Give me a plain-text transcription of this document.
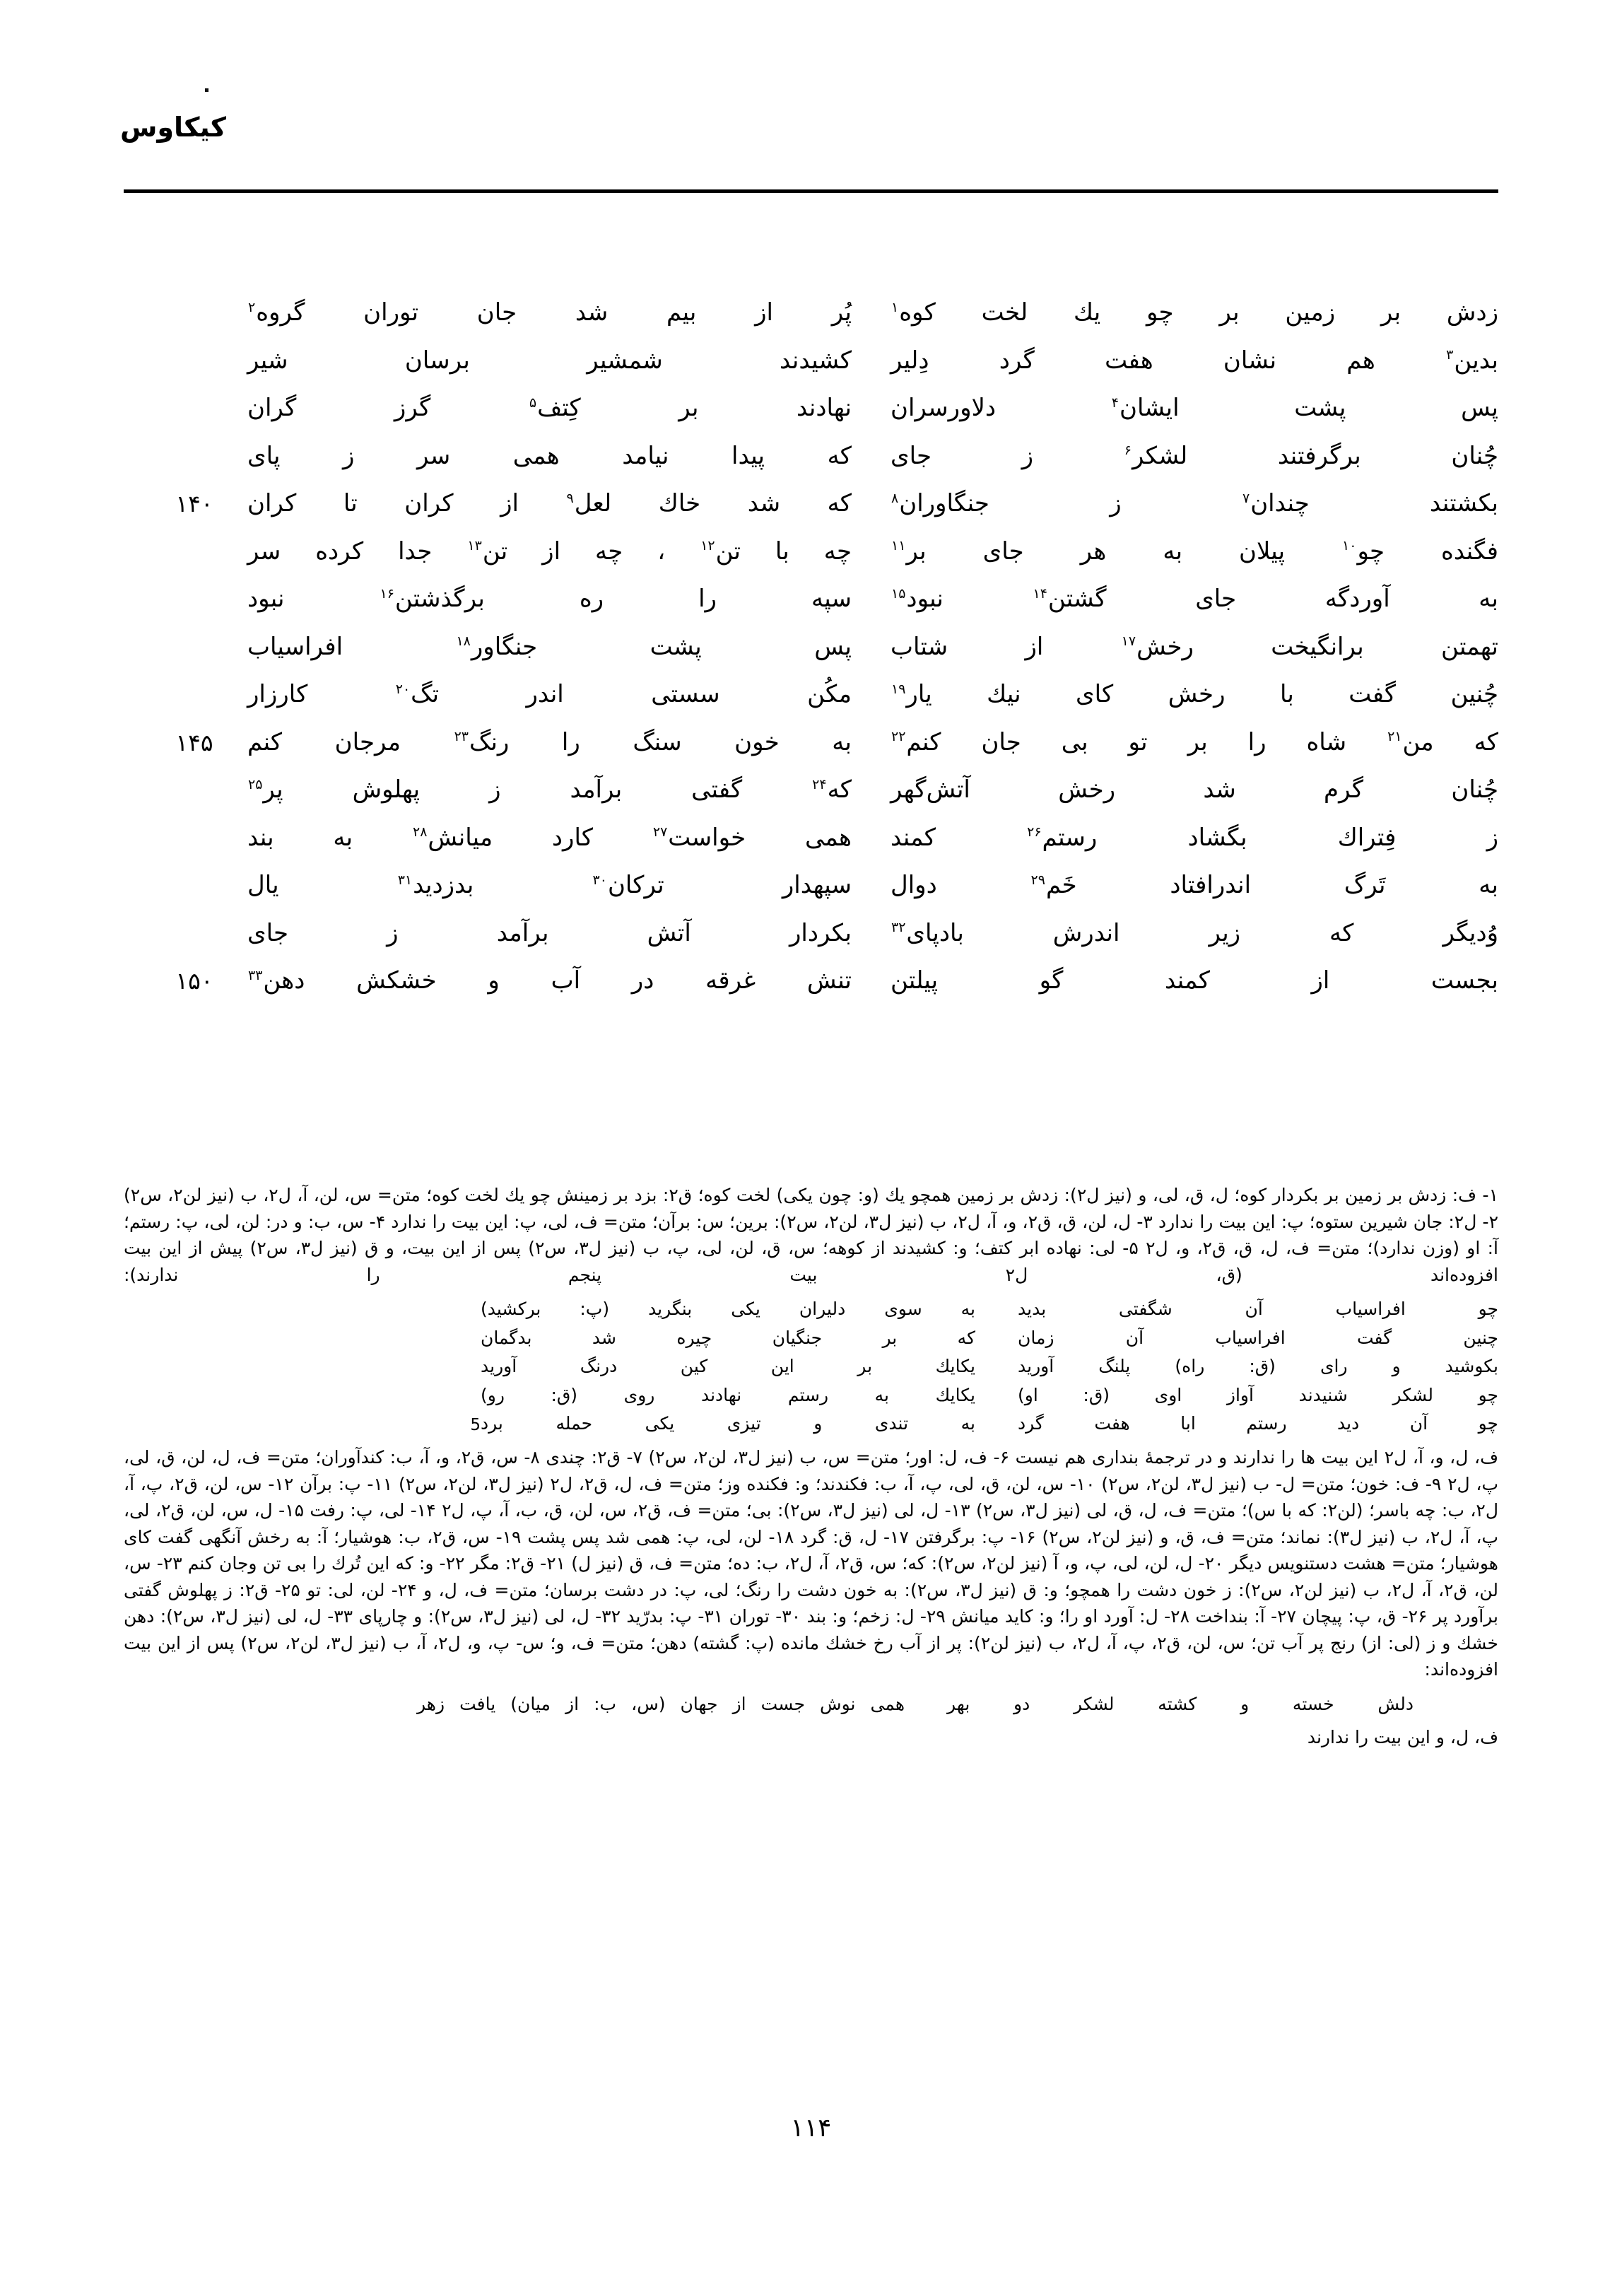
کیکاوس
زدش بر زمین بر چو یك لخت کوه$^۱$
پُر از بیم شد جان توران گروه$^۲$
بدین$^۳$ هم نشان هفت گرد دِلیر
کشیدند شمشیر برسان شیر
پس پشت ایشان$^۴$ دلاورسران
نهادند بر کِتف$^۵$ گرز گران
چُنان برگرفتند لشکر$^۶$ ز جای
که پیدا نیامد همی سر ز پای
بکشتند چندان$^۷$ ز جنگاوران$^۸$
که شد خاك لعل$^۹$ از کران تا کران
۱۴۰
فگنده چو$^{۱۰}$ پیلان به هر جای بر$^{۱۱}$
چه با تن$^{۱۲}$ ، چه از تن$^{۱۳}$ جدا کرده سر
به آوردگه جای گشتن$^{۱۴}$ نبود$^{۱۵}$
سپه را ره برگذشتن$^{۱۶}$ نبود
تهمتن برانگیخت رخش$^{۱۷}$ از شتاب
پس پشت جنگاور$^{۱۸}$ افراسیاب
چُنین گفت با رخش کای نیك یار$^{۱۹}$
مکُن سستی اندر تگ$^{۲۰}$ کارزار
که من$^{۲۱}$ شاه را بر تو بی جان کنم$^{۲۲}$
به خون سنگ را رنگ$^{۲۳}$ مرجان کنم
۱۴۵
چُنان گرم شد رخش آتش‌گهر
که$^{۲۴}$ گفتی برآمد ز پهلوش پر$^{۲۵}$
ز فِتراك بگشاد رستم$^{۲۶}$ کمند
همی خواست$^{۲۷}$ کارد میانش$^{۲۸}$ به بند
به تَرگ اندرافتاد خَم$^{۲۹}$ دوال
سپهدار ترکان$^{۳۰}$ بدزدید$^{۳۱}$ یال
وُدیگر که زیر اندرش بادپای$^{۳۲}$
بکردار آتش برآمد ز جای
بجست از کمند گو پیلتن
تنش غرقه در آب و خشکش دهن$^{۳۳}$
۱۵۰
۱- ف: زدش بر زمین بر بکردار کوه؛ ل، ق، لی، و (نیز ل۲): زدش بر زمین همچو یك (و: چون یکی) لخت کوه؛ ق۲: بزد بر زمینش چو یك لخت کوه؛ متن= س، لن، آ، ل۲، ب (نیز لن۲، س۲) ۲- ل۲: جان شیرین ستوه؛ پ: این بیت را ندارد ۳- ل، لن، ق، ق۲، و، آ، ل۲، ب (نیز ل۳، لن۲، س۲): برین؛ س: برآن؛ متن= ف، لی، پ: این بیت را ندارد ۴- س، ب: و در: لن، لی، پ: رستم؛ آ: او (وزن ندارد)؛ متن= ف، ل، ق، ق۲، و، ل۲ ۵- لی: نهاده ابر کتف؛ و: کشیدند از کوهه؛ س، ق، لن، لی، پ، ب (نیز ل۳، س۲) پس از این بیت، و ق (نیز ل۳، س۲) پیش از این بیت افزوده‌اند (ق، ل۲ بیت پنجم را ندارند):
چو افراسیاب آن شگفتی بدید
به سوی دلیران یکی بنگرید (پ: برکشید)
چنین گفت افراسیاب آن زمان
که بر جنگیان چیره شد بدگمان
بکوشید و رای (ق: راه) پلنگ آورید
یکایك بر این کین درنگ آورید
چو لشکر شنیدند آواز اوی (ق: او)
یکایك به رستم نهادند روی (ق: رو)
چو آن دید رستم ابا هفت گرد
به تندی و تیزی یکی حمله برد
5
ف، ل، و، آ، ل۲ این بیت ها را ندارند و در ترجمهٔ بنداری هم نیست ۶- ف، ل: اور؛ متن= س، ب (نیز ل۳، لن۲، س۲) ۷- ق۲: چندی ۸- س، ق۲، و، آ، ب: کندآوران؛ متن= ف، ل، لن، ق، لی، پ، ل۲ ۹- ف: خون؛ متن= ل- ب (نیز ل۳، لن۲، س۲) ۱۰- س، لن، ق، لی، پ، آ، ب: فکندند؛ و: فکنده وز؛ متن= ف، ل، ق۲، ل۲ (نیز ل۳، لن۲، س۲) ۱۱- پ: برآن ۱۲- س، لن، ق۲، پ، آ، ل۲، ب: چه باسر؛ (لن۲: که با س)؛ متن= ف، ل، ق، لی (نیز ل۳، س۲) ۱۳- ل، لی (نیز ل۳، س۲): بی؛ متن= ف، ق۲، س، لن، ق، ب، آ، پ، ل۲ ۱۴- لی، پ: رفت ۱۵- ل، س، لن، ق۲، لی، پ، آ، ل۲، ب (نیز ل۳): نماند؛ متن= ف، ق، و (نیز لن۲، س۲) ۱۶- پ: برگرفتن ۱۷- ل، ق: گرد ۱۸- لن، لی، پ: همی شد پس پشت ۱۹- س، ق۲، ب: هوشیار؛ آ: به رخش آنگهی گفت کای هوشیار؛ متن= هشت دستنویس دیگر ۲۰- ل، لن، لی، پ، و، آ (نیز لن۲، س۲): که؛ س، ق۲، آ، ل۲، ب: ده؛ متن= ف، ق (نیز ل) ۲۱- ق۲: مگر ۲۲- و: که این تُرك را بی تن وجان کنم ۲۳- س، لن، ق۲، آ، ل۲، ب (نیز لن۲، س۲): ز خون دشت را همچو؛ و: ق (نیز ل۳، س۲): به خون دشت را رنگ؛ لی، پ: در دشت برسان؛ متن= ف، ل، و ۲۴- لن، لی: تو ۲۵- ق۲: ز پهلوش گفتی برآورد پر ۲۶- ق، پ: پیچان ۲۷- آ: بنداخت ۲۸- ل: آورد او را؛ و: کاید میانش ۲۹- ل: زخم؛ و: بند ۳۰- توران ۳۱- پ: بدرّید ۳۲- ل، لی (نیز ل۳، س۲): و چارپای ۳۳- ل، لی (نیز ل۳، س۲): دهن خشك و ز (لی: از) رنج پر آب تن؛ س، لن، ق۲، پ، آ، ل۲، ب (نیز لن۲): پر از آب رخ خشك مانده (پ: گشته) دهن؛ متن= ف، و؛ س- پ، و، ل۲، آ، ب (نیز ل۳، لن۲، س۲) پس از این بیت افزوده‌اند:
دلش خسته و کشته لشکر دو بهر
همی نوش جست از جهان (س، ب: از میان) یافت زهر
ف، ل، و این بیت را ندارند
۱۱۴
